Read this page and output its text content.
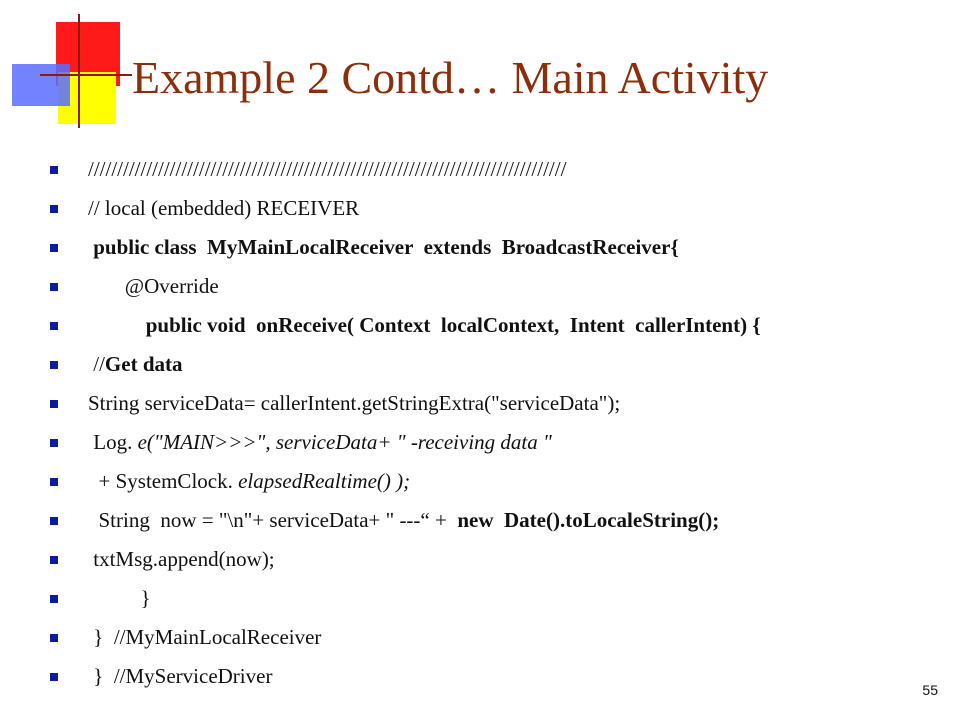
Example 2 Contd… Main Activity
//////////////////////////////////////////////////////////////////////////////////
// local (embedded) RECEIVER
public class  MyMainLocalReceiver  extends  BroadcastReceiver{
@Override
public void  onReceive( Context  localContext,  Intent  callerIntent) {
//Get data
String serviceData= callerIntent.getStringExtra("serviceData");
Log. e("MAIN>>>", serviceData+ " -receiving data "
+ SystemClock. elapsedRealtime() );
String  now = "\n"+ serviceData+ " ---“ +  new  Date().toLocaleString();
txtMsg.append(now);
}
}  //MyMainLocalReceiver
}  //MyServiceDriver
55
